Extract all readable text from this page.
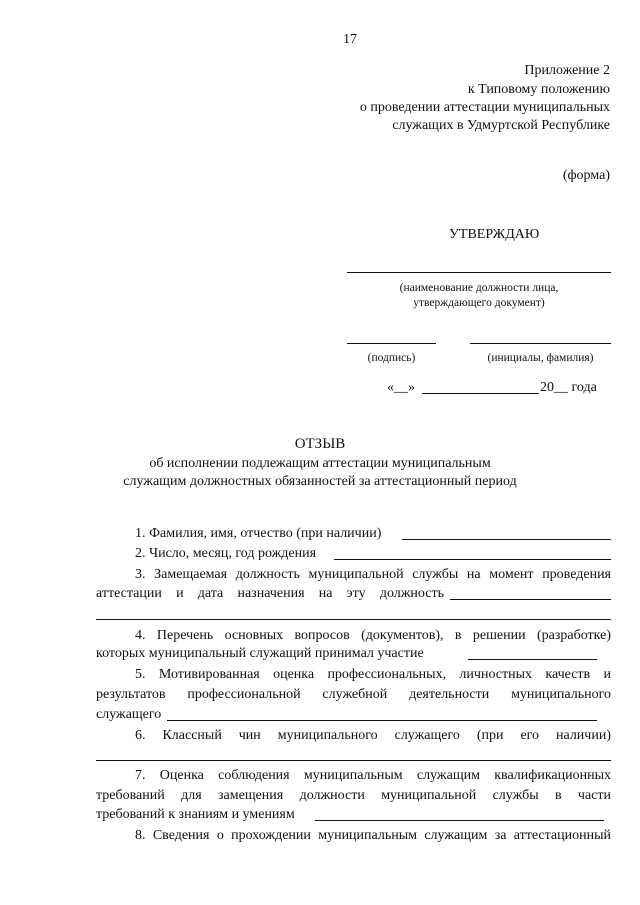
17
Приложение 2
к Типовому положению
о проведении аттестации муниципальных
служащих в Удмуртской Республике
(форма)
УТВЕРЖДАЮ
(наименование должности лица,
утверждающего документ)
(подпись)	(инициалы, фамилия)
«__»	20__ года
ОТЗЫВ
об исполнении подлежащим аттестации муниципальным
служащим должностных обязанностей за аттестационный период
1. Фамилия, имя, отчество (при наличии)
2. Число, месяц, год рождения
3. Замещаемая должность муниципальной службы на момент проведения
аттестации и дата назначения на эту должность
4. Перечень основных вопросов (документов), в решении (разработке)
которых муниципальный служащий принимал участие
5. Мотивированная оценка профессиональных, личностных качеств и
результатов профессиональной служебной деятельности муниципального
служащего
6. Классный чин муниципального служащего (при его наличии)
7. Оценка соблюдения муниципальным служащим квалификационных
требований для замещения должности муниципальной службы в части
требований к знаниям и умениям
8. Сведения о прохождении муниципальным служащим за аттестационный
